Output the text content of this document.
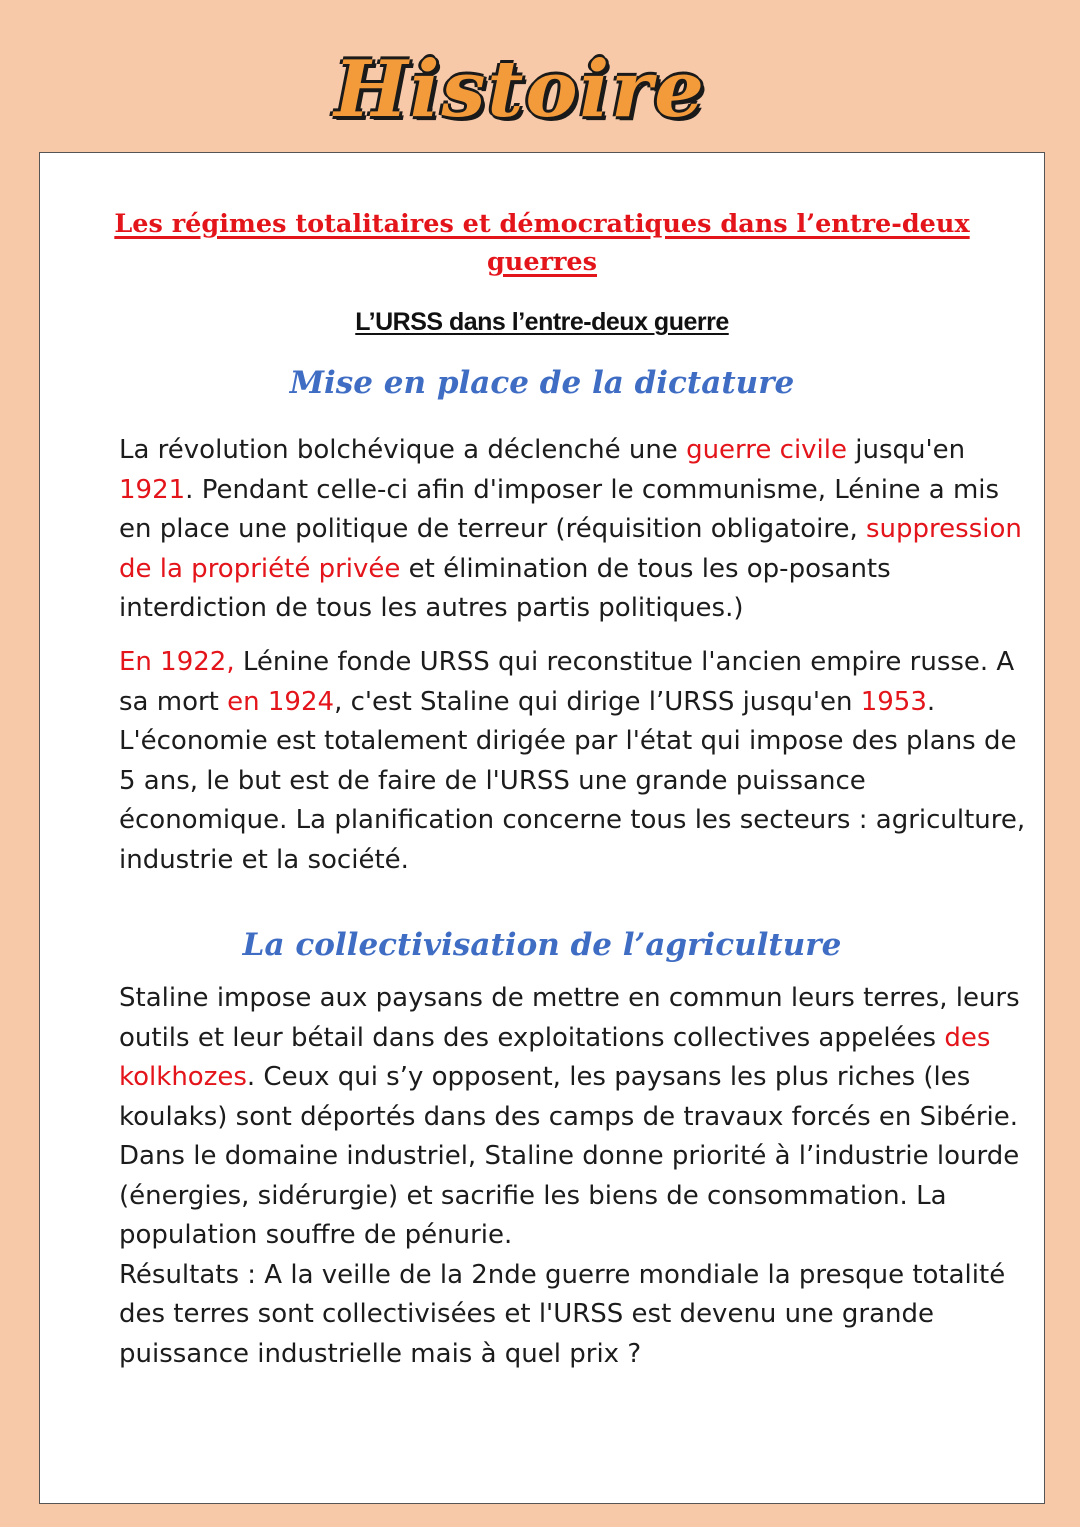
Histoire
Les régimes totalitaires et démocratiques dans l’entre-deux guerres
L’URSS dans l’entre-deux guerre
Mise en place de la dictature

La révolution bolchévique a déclenché une guerre civile jusqu'en 1921. Pendant celle-ci afin d'imposer le communisme, Lénine a mis en place une politique de terreur (réquisition obligatoire, suppression de la propriété privée et élimination de tous les op-posants interdiction de tous les autres partis politiques.)

En 1922, Lénine fonde URSS qui reconstitue l'ancien empire russe. A sa mort en 1924, c'est Staline qui dirige l’URSS jusqu'en 1953. L'économie est totalement dirigée par l'état qui impose des plans de 5 ans, le but est de faire de l'URSS une grande puissance économique. La planification concerne tous les secteurs : agriculture, industrie et la société.

La collectivisation de l’agriculture

Staline impose aux paysans de mettre en commun leurs terres, leurs outils et leur bétail dans des exploitations collectives appelées des kolkhozes. Ceux qui s’y opposent, les paysans les plus riches (les koulaks) sont déportés dans des camps de travaux forcés en Sibérie.
Dans le domaine industriel, Staline donne priorité à l’industrie lourde (énergies, sidérurgie) et sacrifie les biens de consommation. La population souffre de pénurie.
Résultats : A la veille de la 2nde guerre mondiale la presque totalité des terres sont collectivisées et l'URSS est devenu une grande puissance industrielle mais à quel prix ?
